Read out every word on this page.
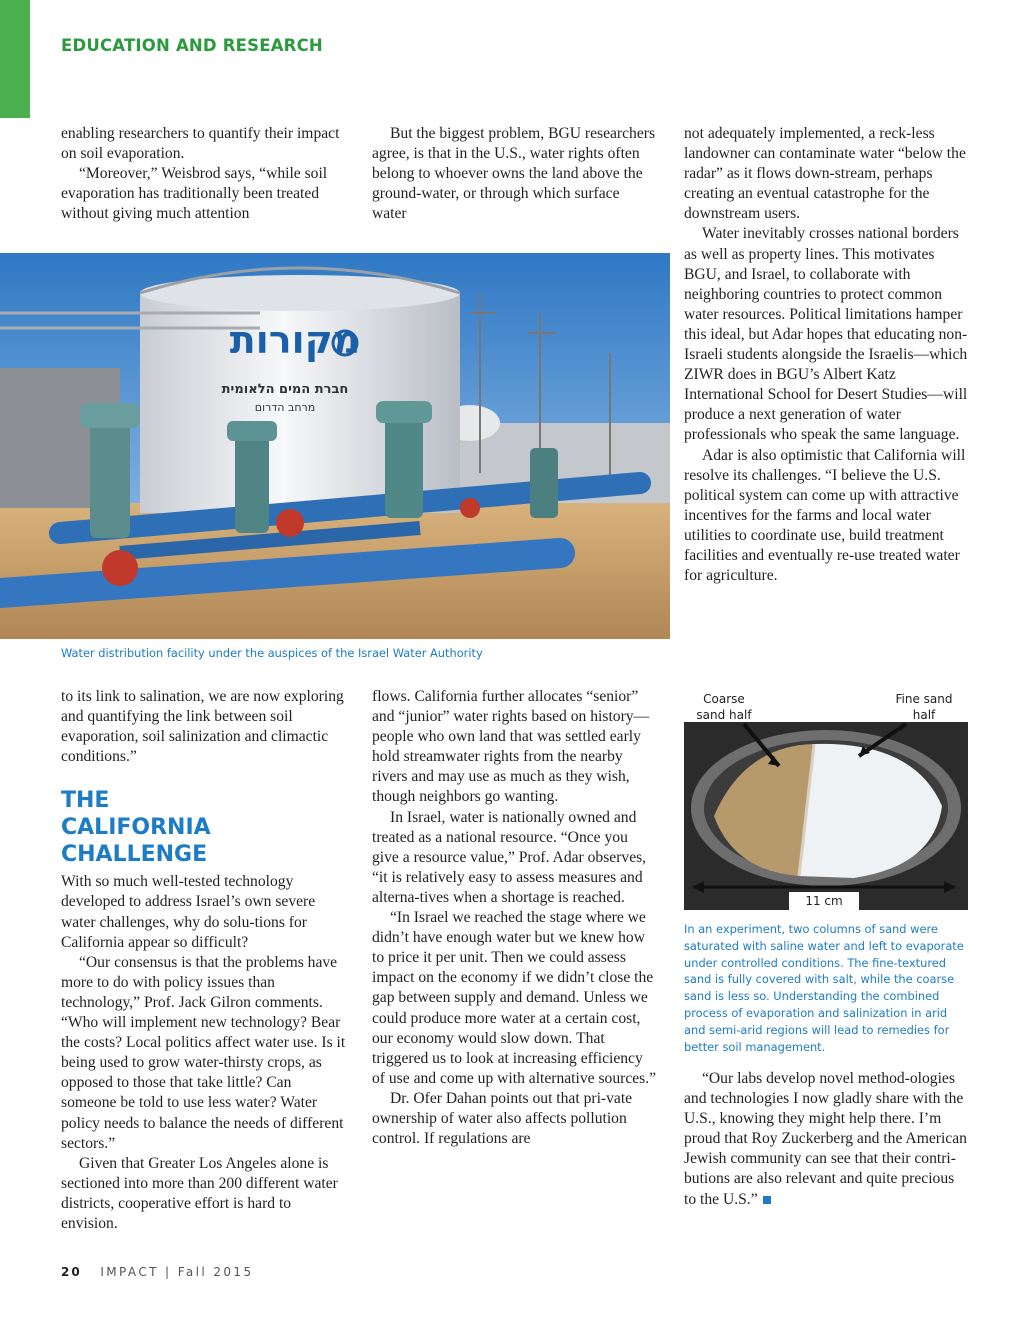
EDUCATION AND RESEARCH

enabling researchers to quantify their impact on soil evaporation.

“Moreover,” Weisbrod says, “while soil evaporation has traditionally been treated without giving much attention

But the biggest problem, BGU researchers agree, is that in the U.S., water rights often belong to whoever owns the land above the ground-water, or through which surface water

not adequately implemented, a reck-less landowner can contaminate water “below the radar” as it flows down-stream, perhaps creating an eventual catastrophe for the downstream users.

Water inevitably crosses national borders as well as property lines. This motivates BGU, and Israel, to collaborate with neighboring countries to protect common water resources. Political limitations hamper this ideal, but Adar hopes that educating non-Israeli students alongside the Israelis—which ZIWR does in BGU’s Albert Katz International School for Desert Studies—will produce a next generation of water professionals who speak the same language.

Adar is also optimistic that California will resolve its challenges. “I believe the U.S. political system can come up with attractive incentives for the farms and local water utilities to coordinate use, build treatment facilities and eventually re-use treated water for agriculture.

מקורות
חברת המים הלאומית
מרחב הדרום
Water distribution facility under the auspices of the Israel Water Authority

to its link to salination, we are now exploring and quantifying the link between soil evaporation, soil salinization and climactic conditions.”

THE CALIFORNIA CHALLENGE

With so much well-tested technology developed to address Israel’s own severe water challenges, why do solu-tions for California appear so difficult?

“Our consensus is that the problems have more to do with policy issues than technology,” Prof. Jack Gilron comments. “Who will implement new technology? Bear the costs? Local politics affect water use. Is it being used to grow water-thirsty crops, as opposed to those that take little? Can someone be told to use less water? Water policy needs to balance the needs of different sectors.”

Given that Greater Los Angeles alone is sectioned into more than 200 different water districts, cooperative effort is hard to envision.

flows. California further allocates “senior” and “junior” water rights based on history—people who own land that was settled early hold streamwater rights from the nearby rivers and may use as much as they wish, though neighbors go wanting.

In Israel, water is nationally owned and treated as a national resource. “Once you give a resource value,” Prof. Adar observes, “it is relatively easy to assess measures and alterna-tives when a shortage is reached.

“In Israel we reached the stage where we didn’t have enough water but we knew how to price it per unit. Then we could assess impact on the economy if we didn’t close the gap between supply and demand. Unless we could produce more water at a certain cost, our economy would slow down. That triggered us to look at increasing efficiency of use and come up with alternative sources.”

Dr. Ofer Dahan points out that pri-vate ownership of water also affects pollution control. If regulations are

Coarse sand half
Fine sand half
11 cm
In an experiment, two columns of sand were saturated with saline water and left to evaporate under controlled conditions. The fine-textured sand is fully covered with salt, while the coarse sand is less so. Understanding the combined process of evaporation and salinization in arid and semi-arid regions will lead to remedies for better soil management.

“Our labs develop novel method-ologies and technologies I now gladly share with the U.S., knowing they might help there. I’m proud that Roy Zuckerberg and the American Jewish community can see that their contri-butions are also relevant and quite precious to the U.S.”

20 IMPACT | Fall 2015
